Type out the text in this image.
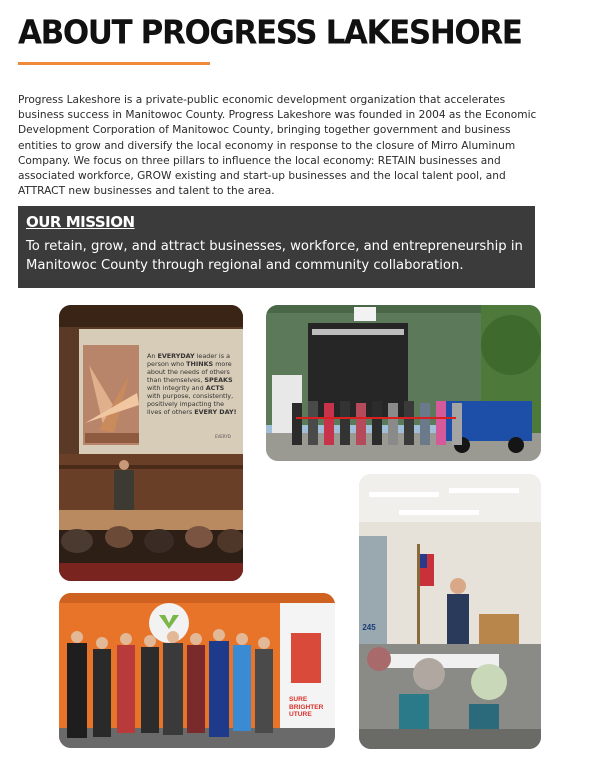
ABOUT PROGRESS LAKESHORE

Progress Lakeshore is a private-public economic development organization that accelerates business success in Manitowoc County. Progress Lakeshore was founded in 2004 as the Economic Development Corporation of Manitowoc County, bringing together government and business entities to grow and diversify the local economy in response to the closure of Mirro Aluminum Company. We focus on three pillars to influence the local economy: RETAIN businesses and associated workforce, GROW existing and start-up businesses and the local talent pool, and ATTRACT new businesses and talent to the area.

OUR MISSION
To retain, grow, and attract businesses, workforce, and entrepreneurship in Manitowoc County through regional and community collaboration.
An EVERYDAY leader is a person who THINKS more about the needs of others than themselves, SPEAKS with integrity and ACTS with purpose, consistently, positively impacting the lives of others EVERY DAY!
EVERYD
SURE BRIGHTER UTURE
245
